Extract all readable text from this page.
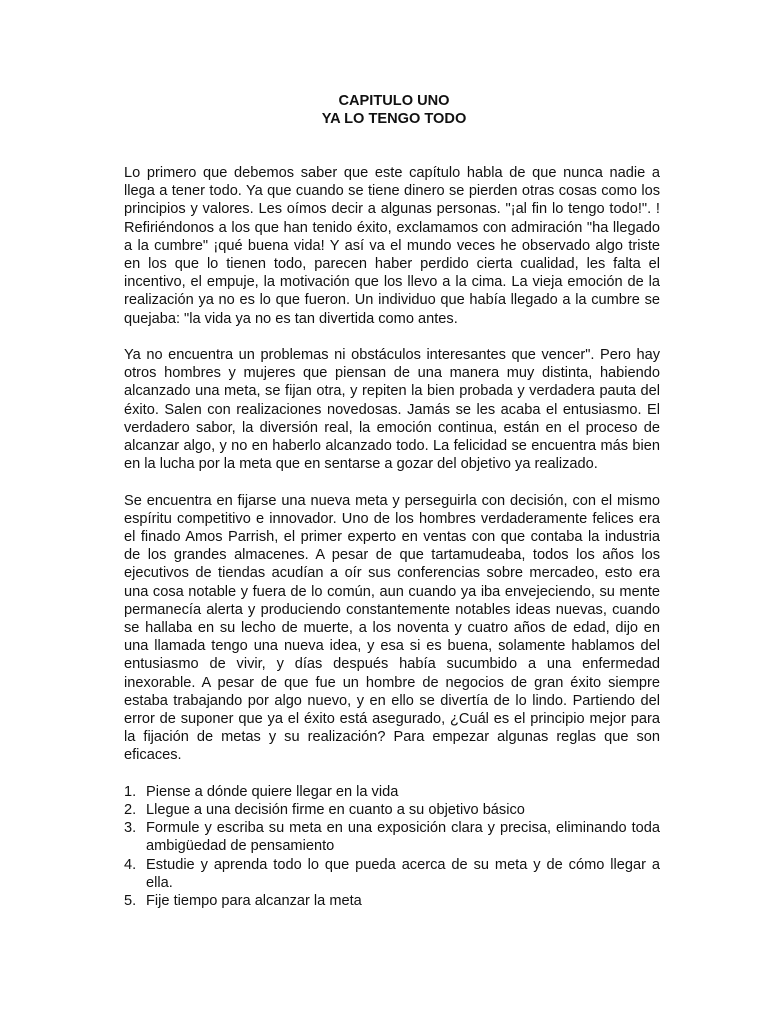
CAPITULO UNO
YA LO TENGO TODO

Lo primero que debemos saber que este capítulo habla de que nunca nadie a llega a tener todo. Ya que cuando se tiene dinero se pierden otras cosas como los principios y valores. Les oímos decir a algunas personas. "¡al fin lo tengo todo!". ! Refiriéndonos a los que han tenido éxito, exclamamos con admiración "ha llegado a la cumbre" ¡qué buena vida! Y así va el mundo veces he observado algo triste en los que lo tienen todo, parecen haber perdido cierta cualidad, les falta el incentivo, el empuje, la motivación que los llevo a la cima. La vieja emoción de la realización ya no es lo que fueron. Un individuo que había llegado a la cumbre se quejaba: "la vida ya no es tan divertida como antes.

Ya no encuentra un problemas ni obstáculos interesantes que vencer". Pero hay otros hombres y mujeres que piensan de una manera muy distinta, habiendo alcanzado una meta, se fijan otra, y repiten la bien probada y verdadera pauta del éxito. Salen con realizaciones novedosas. Jamás se les acaba el entusiasmo. El verdadero sabor, la diversión real, la emoción continua, están en el proceso de alcanzar algo, y no en haberlo alcanzado todo. La felicidad se encuentra más bien en la lucha por la meta que en sentarse a gozar del objetivo ya realizado.

Se encuentra en fijarse una nueva meta y perseguirla con decisión, con el mismo espíritu competitivo e innovador. Uno de los hombres verdaderamente felices era el finado Amos Parrish, el primer experto en ventas con que contaba la industria de los grandes almacenes. A pesar de que tartamudeaba, todos los años los ejecutivos de tiendas acudían a oír sus conferencias sobre mercadeo, esto era una cosa notable y fuera de lo común, aun cuando ya iba envejeciendo, su mente permanecía alerta y produciendo constantemente notables ideas nuevas, cuando se hallaba en su lecho de muerte, a los noventa y cuatro años de edad, dijo en una llamada tengo una nueva idea, y esa si es buena, solamente hablamos del entusiasmo de vivir, y días después había sucumbido a una enfermedad inexorable. A pesar de que fue un hombre de negocios de gran éxito siempre estaba trabajando por algo nuevo, y en ello se divertía de lo lindo. Partiendo del error de suponer que ya el éxito está asegurado, ¿Cuál es el principio mejor para la fijación de metas y su realización? Para empezar algunas reglas que son eficaces.

1. Piense a dónde quiere llegar en la vida
2. Llegue a una decisión firme en cuanto a su objetivo básico
3. Formule y escriba su meta en una exposición clara y precisa, eliminando toda ambigüedad de pensamiento
4. Estudie y aprenda todo lo que pueda acerca de su meta y de cómo llegar a ella.
5. Fije tiempo para alcanzar la meta
